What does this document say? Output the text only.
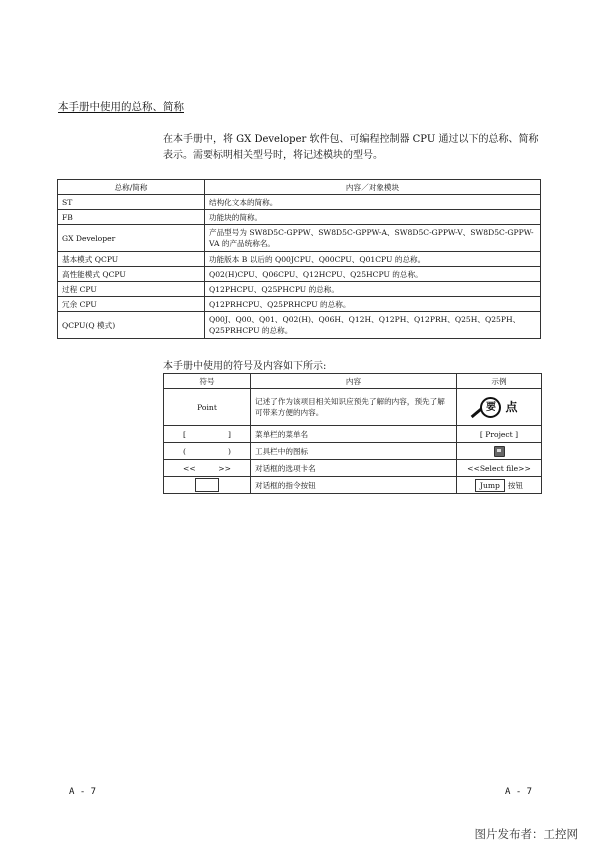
本手册中使用的总称、简称
在本手册中，将 GX Developer 软件包、可编程控制器 CPU 通过以下的总称、简称表示。需要标明相关型号时，将记述模块的型号。
总称/简称	内容／对象模块
ST	结构化文本的简称。
FB	功能块的简称。
GX Developer	产品型号为 SW8D5C-GPPW、SW8D5C-GPPW-A、SW8D5C-GPPW-V、SW8D5C-GPPW-VA 的产品统称名。
基本模式 QCPU	功能版本 B 以后的 Q00JCPU、Q00CPU、Q01CPU 的总称。
高性能模式 QCPU	Q02(H)CPU、Q06CPU、Q12HCPU、Q25HCPU 的总称。
过程 CPU	Q12PHCPU、Q25PHCPU 的总称。
冗余 CPU	Q12PRHCPU、Q25PRHCPU 的总称。
QCPU(Q 模式)	Q00J、Q00、Q01、Q02(H)、Q06H、Q12H、Q12PH、Q12PRH、Q25H、Q25PH、Q25PRHCPU 的总称。
本手册中使用的符号及内容如下所示:
符号	内容	示例
Point	记述了作为该项目相关知识应预先了解的内容，预先了解可带来方便的内容。	要 点

[ ]	菜单栏的菜单名	[ Project ]

( )	工具栏中的图标	

<< >>	对话框的选项卡名	<<Select file>>
	对话框的指令按钮	Jump 按钮
A - 7	A - 7
图片发布者：工控网
